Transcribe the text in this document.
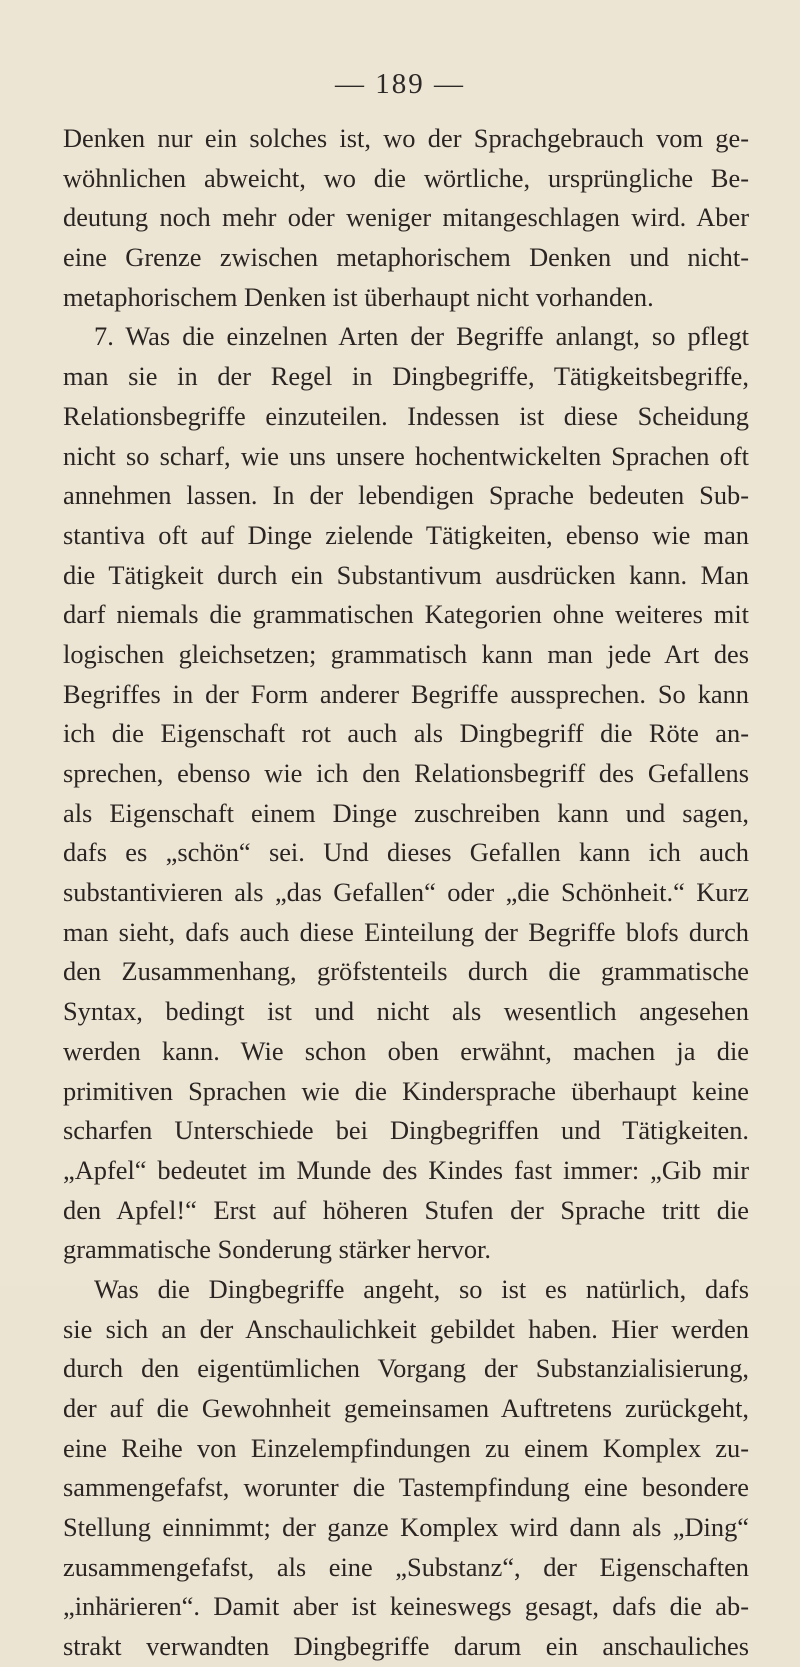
— 189 —
Denken nur ein solches ist, wo der Sprachgebrauch vom ge-
wöhnlichen abweicht, wo die wörtliche, ursprüngliche Be-
deutung noch mehr oder weniger mitangeschlagen wird. Aber
eine Grenze zwischen metaphorischem Denken und nicht-
metaphorischem Denken ist überhaupt nicht vorhanden.
7. Was die einzelnen Arten der Begriffe anlangt, so pflegt
man sie in der Regel in Dingbegriffe, Tätigkeitsbegriffe,
Relationsbegriffe einzuteilen. Indessen ist diese Scheidung
nicht so scharf, wie uns unsere hochentwickelten Sprachen oft
annehmen lassen. In der lebendigen Sprache bedeuten Sub-
stantiva oft auf Dinge zielende Tätigkeiten, ebenso wie man
die Tätigkeit durch ein Substantivum ausdrücken kann. Man
darf niemals die grammatischen Kategorien ohne weiteres mit
logischen gleichsetzen; grammatisch kann man jede Art des
Begriffes in der Form anderer Begriffe aussprechen. So kann
ich die Eigenschaft rot auch als Dingbegriff die Röte an-
sprechen, ebenso wie ich den Relationsbegriff des Gefallens
als Eigenschaft einem Dinge zuschreiben kann und sagen,
dafs es „schön“ sei. Und dieses Gefallen kann ich auch
substantivieren als „das Gefallen“ oder „die Schönheit.“ Kurz
man sieht, dafs auch diese Einteilung der Begriffe blofs durch
den Zusammenhang, gröfstenteils durch die grammatische
Syntax, bedingt ist und nicht als wesentlich angesehen
werden kann. Wie schon oben erwähnt, machen ja die
primitiven Sprachen wie die Kindersprache überhaupt keine
scharfen Unterschiede bei Dingbegriffen und Tätigkeiten.
„Apfel“ bedeutet im Munde des Kindes fast immer: „Gib mir
den Apfel!“ Erst auf höheren Stufen der Sprache tritt die
grammatische Sonderung stärker hervor.
Was die Dingbegriffe angeht, so ist es natürlich, dafs
sie sich an der Anschaulichkeit gebildet haben. Hier werden
durch den eigentümlichen Vorgang der Substanzialisierung,
der auf die Gewohnheit gemeinsamen Auftretens zurückgeht,
eine Reihe von Einzelempfindungen zu einem Komplex zu-
sammengefafst, worunter die Tastempfindung eine besondere
Stellung einnimmt; der ganze Komplex wird dann als „Ding“
zusammengefafst, als eine „Substanz“, der Eigenschaften
„inhärieren“. Damit aber ist keineswegs gesagt, dafs die ab-
strakt verwandten Dingbegriffe darum ein anschauliches
